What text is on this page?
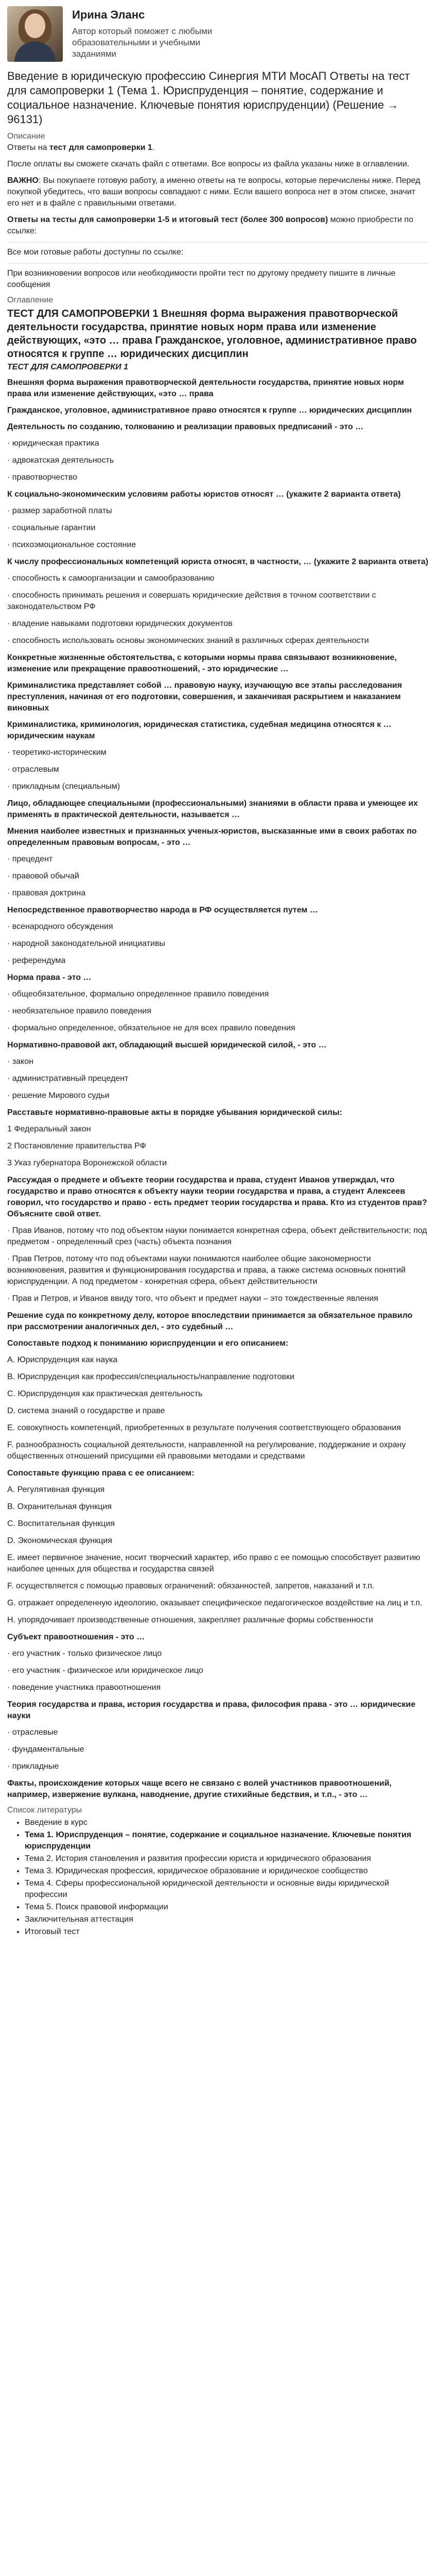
Ирина Эланс
Автор который поможет с любыми образовательными и учебными заданиями
Введение в юридическую профессию Синергия МТИ МосАП Ответы на тест для самопроверки 1 (Тема 1. Юриспруденция – понятие, содержание и социальное назначение. Ключевые понятия юриспруденции) (Решение → 96131)
Описание

Ответы на тест для самопроверки 1.

После оплаты вы сможете скачать файл с ответами. Все вопросы из файла указаны ниже в оглавлении.

ВАЖНО: Вы покупаете готовую работу, а именно ответы на те вопросы, которые перечислены ниже. Перед покупкой убедитесь, что ваши вопросы совпадают с ними. Если вашего вопроса нет в этом списке, значит его нет и в файле с правильными ответами.

Ответы на тесты для самопроверки 1-5 и итоговый тест (более 300 вопросов) можно приобрести по ссылке:

Все мои готовые работы доступны по ссылке:

При возникновении вопросов или необходимости пройти тест по другому предмету пишите в личные сообщения

Оглавление
ТЕСТ ДЛЯ САМОПРОВЕРКИ 1 Внешняя форма выражения правотворческой деятельности государства, принятие новых норм права или изменение действующих, «это … права Гражданское, уголовное, административное право относятся к группе … юридических дисциплин
ТЕСТ ДЛЯ САМОПРОВЕРКИ 1
Внешняя форма выражения правотворческой деятельности государства, принятие новых норм права или изменение действующих, «это … права
Гражданское, уголовное, административное право относятся к группе … юридических дисциплин
Деятельность по созданию, толкованию и реализации правовых предписаний - это …
· юридическая практика
· адвокатская деятельность
· правотворчество
К социально-экономическим условиям работы юристов относят … (укажите 2 варианта ответа)
· размер заработной платы
· социальные гарантии
· психоэмоциональное состояние
К числу профессиональных компетенций юриста относят, в частности, … (укажите 2 варианта ответа)
· способность к самоорганизации и самообразованию
· способность принимать решения и совершать юридические действия в точном соответствии с законодательством РФ
· владение навыками подготовки юридических документов
· способность использовать основы экономических знаний в различных сферах деятельности
Конкретные жизненные обстоятельства, с которыми нормы права связывают возникновение, изменение или прекращение правоотношений, - это юридические …
Криминалистика представляет собой … правовую науку, изучающую все этапы расследования преступления, начиная от его подготовки, совершения, и заканчивая раскрытием и наказанием виновных
Криминалистика, криминология, юридическая статистика, судебная медицина относятся к … юридическим наукам
· теоретико-историческим
· отраслевым
· прикладным (специальным)
Лицо, обладающее специальными (профессиональными) знаниями в области права и умеющее их применять в практической деятельности, называется …
Мнения наиболее известных и признанных ученых-юристов, высказанные ими в своих работах по определенным правовым вопросам, - это …
· прецедент
· правовой обычай
· правовая доктрина
Непосредственное правотворчество народа в РФ осуществляется путем …
· всенародного обсуждения
· народной законодательной инициативы
· референдума
Норма права - это …
· общеобязательное, формально определенное правило поведения
· необязательное правило поведения
· формально определенное, обязательное не для всех правило поведения
Нормативно-правовой акт, обладающий высшей юридической силой, - это …
· закон
· административный прецедент
· решение Мирового судьи
Расставьте нормативно-правовые акты в порядке убывания юридической силы:
1 Федеральный закон
2 Постановление правительства РФ
3 Указ губернатора Воронежской области
Рассуждая о предмете и объекте теории государства и права, студент Иванов утверждал, что государство и право относятся к объекту науки теории государства и права, а студент Алексеев говорил, что государство и право - есть предмет теории государства и права. Кто из студентов прав? Объясните свой ответ.
· Прав Иванов, потому что под объектом науки понимается конкретная сфера, объект действительности; под предметом - определенный срез (часть) объекта познания
· Прав Петров, потому что под объектами науки понимаются наиболее общие закономерности возникновения, развития и функционирования государства и права, а также система основных понятий юриспруденции. А под предметом - конкретная сфера, объект действительности
· Прав и Петров, и Иванов ввиду того, что объект и предмет науки – это тождественные явления
Решение суда по конкретному делу, которое впоследствии принимается за обязательное правило при рассмотрении аналогичных дел, - это судебный …
Сопоставьте подход к пониманию юриспруденции и его описанием:
A. Юриспруденция как наука
B. Юриспруденция как профессия/специальность/направление подготовки
C. Юриспруденция как практическая деятельность
D. система знаний о государстве и праве
E. совокупность компетенций, приобретенных в результате получения соответствующего образования
F. разнообразность социальной деятельности, направленной на регулирование, поддержание и охрану общественных отношений присущими ей правовыми методами и средствами
Сопоставьте функцию права с ее описанием:
A. Регулятивная функция
B. Охранительная функция
C. Воспитательная функция
D. Экономическая функция
E. имеет первичное значение, носит творческий характер, ибо право с ее помощью способствует развитию наиболее ценных для общества и государства связей
F. осуществляется с помощью правовых ограничений: обязанностей, запретов, наказаний и т.п.
G. отражает определенную идеологию, оказывает специфическое педагогическое воздействие на лиц и т.п.
H. упорядочивает производственные отношения, закрепляет различные формы собственности
Субъект правоотношения - это …
· его участник - только физическое лицо
· его участник - физическое или юридическое лицо
· поведение участника правоотношения
Теория государства и права, история государства и права, философия права - это … юридические науки
· отраслевые
· фундаментальные
· прикладные
Факты, происхождение которых чаще всего не связано с волей участников правоотношений, например, извержение вулкана, наводнение, другие стихийные бедствия, и т.п., - это …
Список литературы
• Введение в курс
• Тема 1. Юриспруденция – понятие, содержание и социальное назначение. Ключевые понятия юриспруденции
• Тема 2. История становления и развития профессии юриста и юридического образования
• Тема 3. Юридическая профессия, юридическое образование и юридическое сообщество
• Тема 4. Сферы профессиональной юридической деятельности и основные виды юридической профессии
• Тема 5. Поиск правовой информации
• Заключительная аттестация
• Итоговый тест
